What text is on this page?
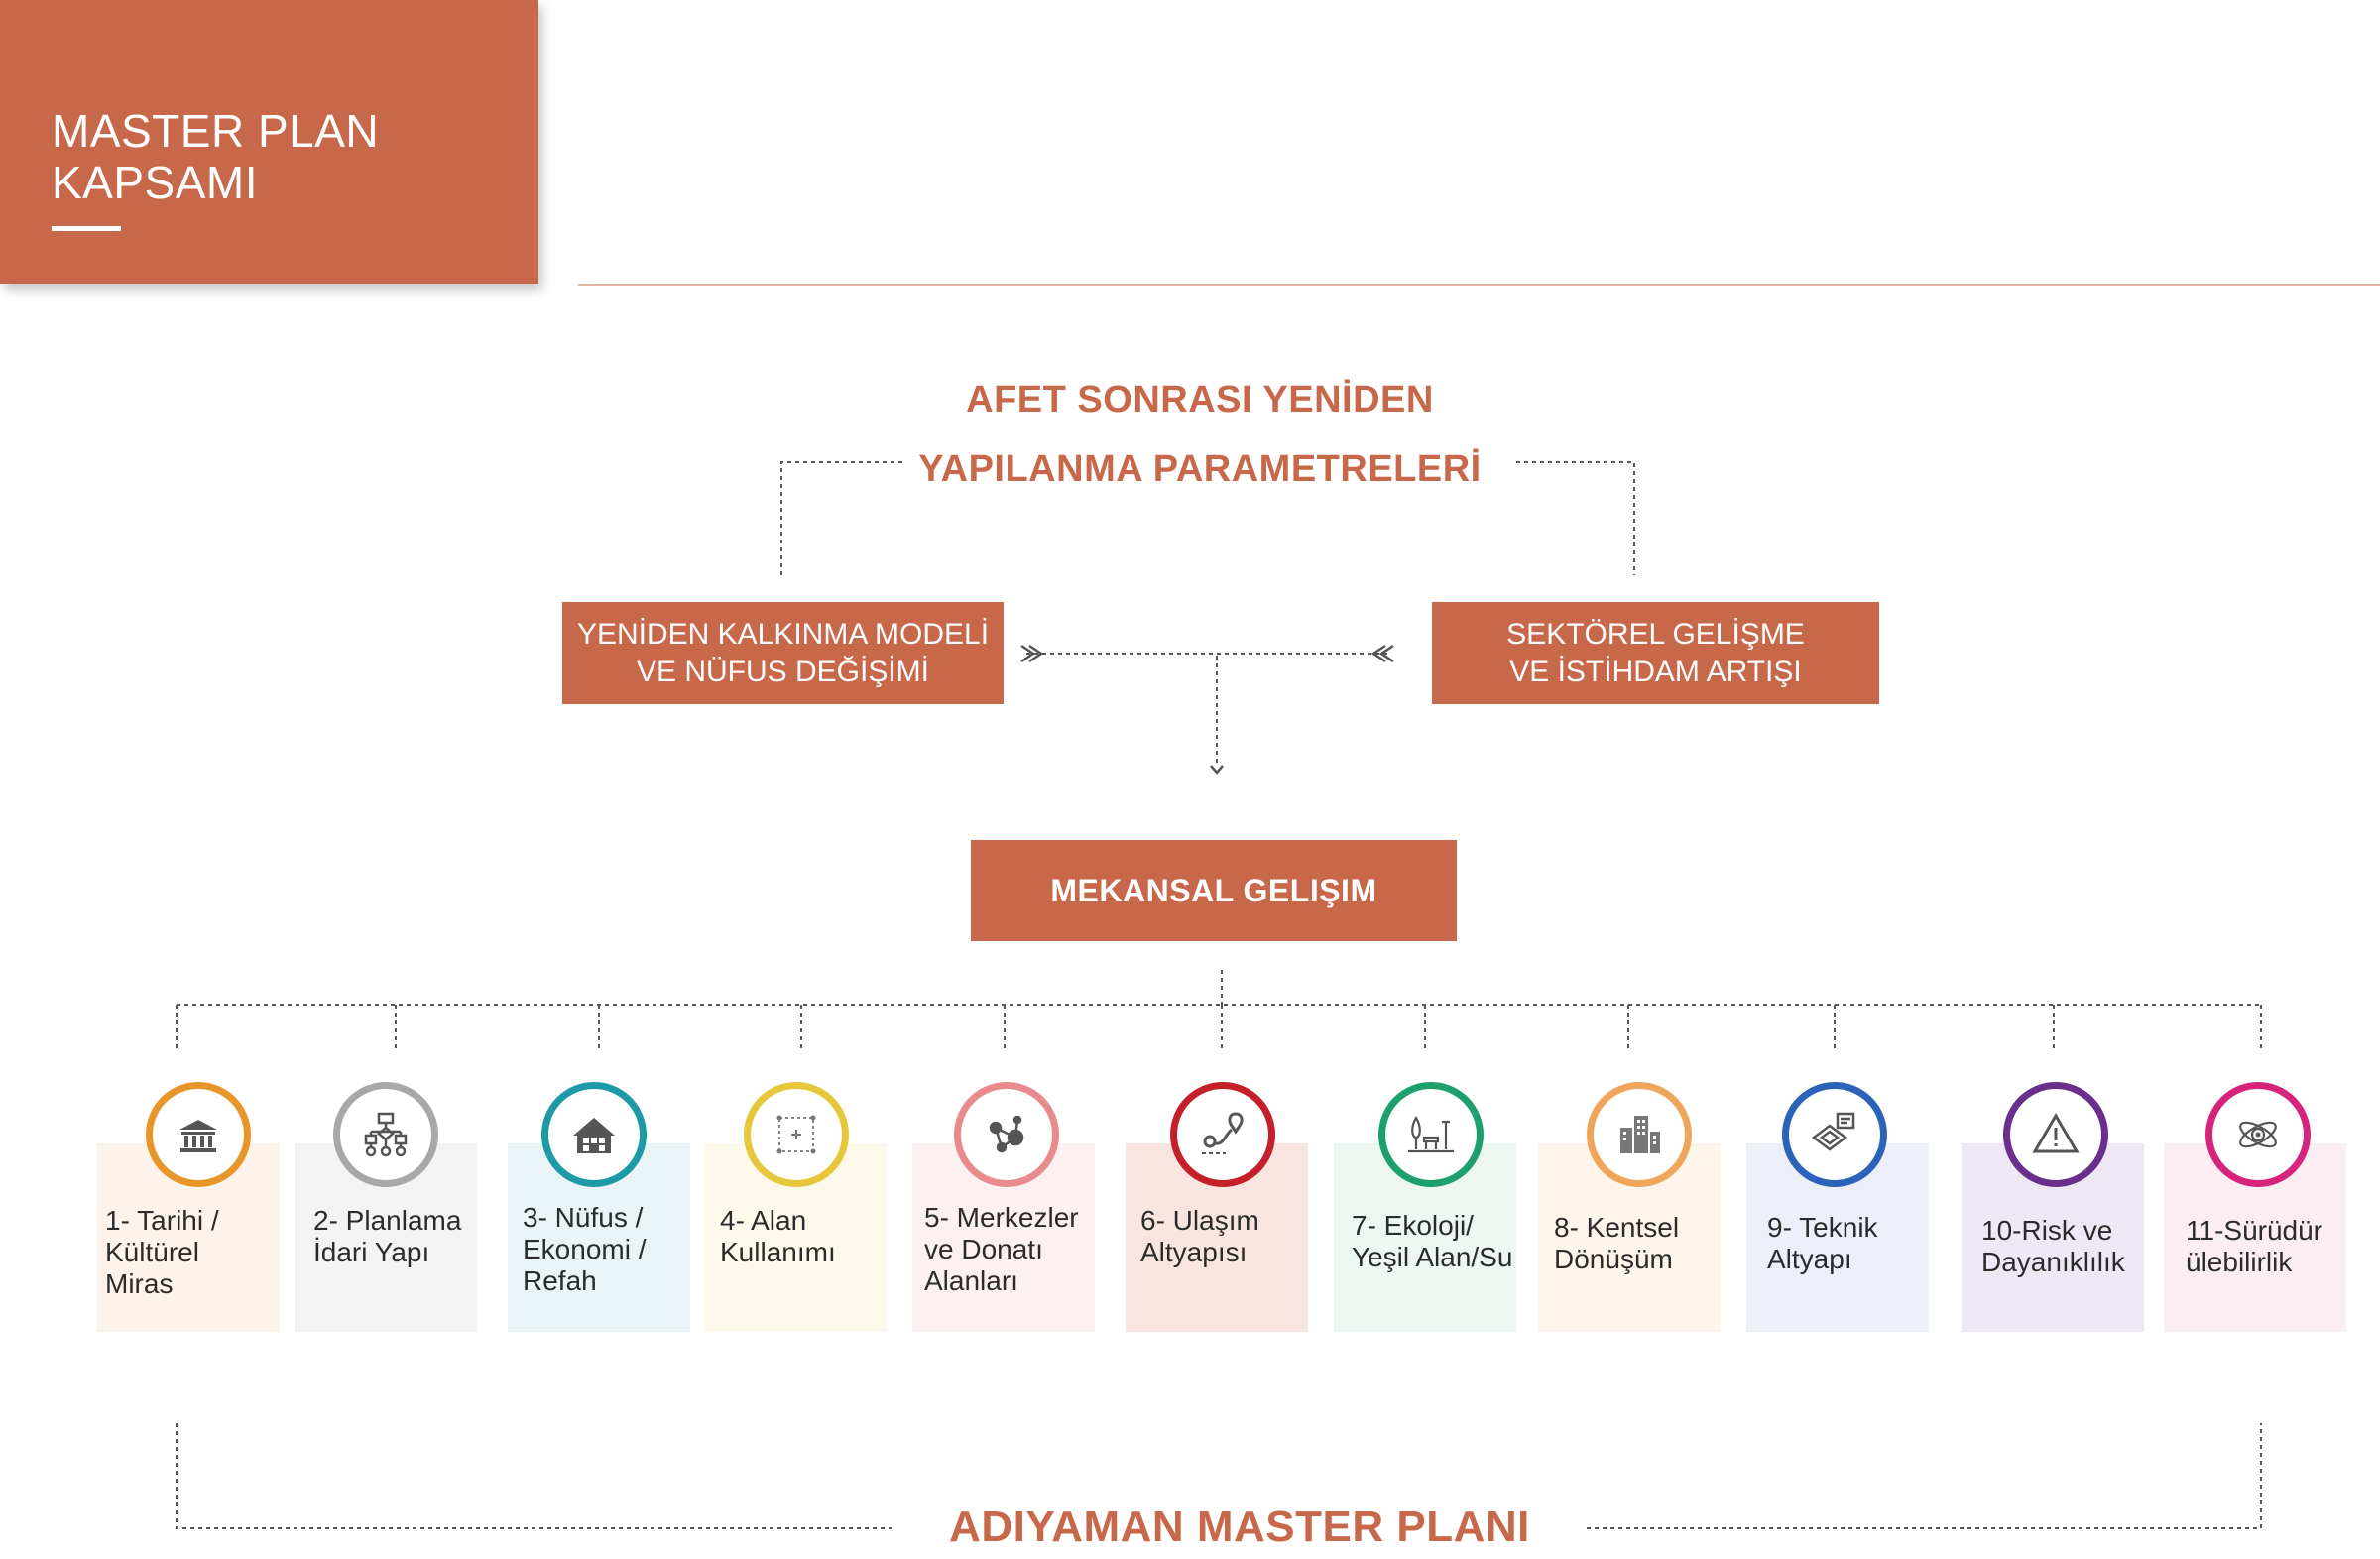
MASTER PLAN
KAPSAMI
AFET SONRASI YENİDEN
YAPILANMA PARAMETRELERİ
YENİDEN KALKINMA MODELİ
VE NÜFUS DEĞİŞİMİ
SEKTÖREL GELİŞME
VE İSTİHDAM ARTIŞI
MEKANSAL GELIŞIM
1- Tarihi /
Kültürel
Miras
2- Planlama
İdari Yapı
3- Nüfus /
Ekonomi /
Refah
4- Alan
Kullanımı
5- Merkezler
ve Donatı
Alanları
6- Ulaşım
Altyapısı
7- Ekoloji/
Yeşil Alan/Su
8- Kentsel
Dönüşüm
9- Teknik
Altyapı
10-Risk ve
Dayanıklılık
11-Sürüdür
ülebilirlik
ADIYAMAN MASTER PLANI
